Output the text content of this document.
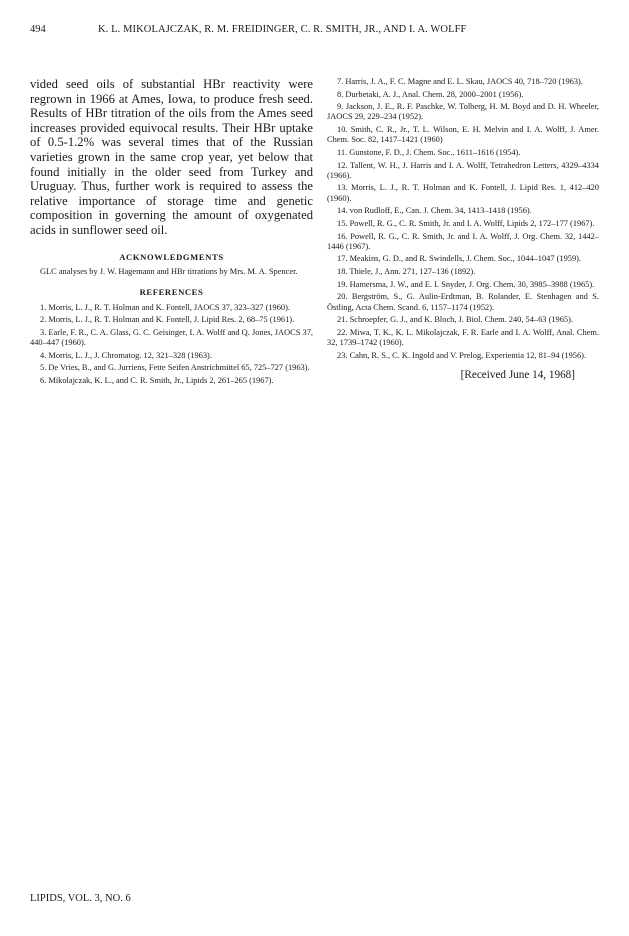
494	K. L. MIKOLAJCZAK, R. M. FREIDINGER, C. R. SMITH, JR., AND I. A. WOLFF

vided seed oils of substantial HBr reactivity were regrown in 1966 at Ames, Iowa, to produce fresh seed. Results of HBr titration of the oils from the Ames seed increases provided equivocal results. Their HBr uptake of 0.5-1.2% was several times that of the Russian varieties grown in the same crop year, yet below that found initially in the older seed from Turkey and Uruguay. Thus, further work is required to assess the relative importance of storage time and genetic composition in governing the amount of oxygenated acids in sunflower seed oil.

ACKNOWLEDGMENTS

GLC analyses by J. W. Hagemann and HBr titrations by Mrs. M. A. Spencer.

REFERENCES
1. Morris, L. J., R. T. Holman and K. Fontell, JAOCS 37, 323–327 (1960).
2. Morris, L. J., R. T. Holman and K. Fontell, J. Lipid Res. 2, 68–75 (1961).
3. Earle, F. R., C. A. Glass, G. C. Geisinger, I. A. Wolff and Q. Jones, JAOCS 37, 440–447 (1960).
4. Morris, L. J., J. Chromatog. 12, 321–328 (1963).
5. De Vries, B., and G. Jurriens, Fette Seifen Anstrichmittel 65, 725–727 (1963).
6. Mikolajczak, K. L., and C. R. Smith, Jr., Lipids 2, 261–265 (1967).
7. Harris, J. A., F. C. Magne and E. L. Skau, JAOCS 40, 718–720 (1963).
8. Durbetaki, A. J., Anal. Chem. 28, 2000–2001 (1956).
9. Jackson, J. E., R. F. Paschke, W. Tolberg, H. M. Boyd and D. H. Wheeler, JAOCS 29, 229–234 (1952).
10. Smith, C. R., Jr., T. L. Wilson, E. H. Melvin and I. A. Wolff, J. Amer. Chem. Soc. 82, 1417–1421 (1960)
11. Gunstone, F. D., J. Chem. Soc., 1611–1616 (1954).
12. Tallent, W. H., J. Harris and I. A. Wolff, Tetrahedron Letters, 4329–4334 (1966).
13. Morris, L. J., R. T. Holman and K. Fontell, J. Lipid Res. 1, 412–420 (1960).
14. von Rudloff, E., Can. J. Chem. 34, 1413–1418 (1956).
15. Powell, R. G., C. R. Smith, Jr. and I. A. Wolff, Lipids 2, 172–177 (1967).
16. Powell, R. G., C. R. Smith, Jr. and I. A. Wolff, J. Org. Chem. 32, 1442–1446 (1967).
17. Meakins, G. D., and R. Swindells, J. Chem. Soc., 1044–1047 (1959).
18. Thiele, J., Ann. 271, 127–136 (1892).
19. Hamersma, J. W., and E. I. Snyder, J. Org. Chem. 30, 3985–3988 (1965).
20. Bergström, S., G. Aulin-Erdtman, B. Rolander, E. Stenhagen and S. Östling, Acta Chem. Scand. 6, 1157–1174 (1952).
21. Schroepfer, G. J., and K. Bloch, J. Biol. Chem. 240, 54–63 (1965).
22. Miwa, T. K., K. L. Mikolajczak, F. R. Earle and I. A. Wolff, Anal. Chem. 32, 1739–1742 (1960).
23. Cahn, R. S., C. K. Ingold and V. Prelog, Experientia 12, 81–94 (1956).

[Received June 14, 1968]

LIPIDS, VOL. 3, NO. 6
